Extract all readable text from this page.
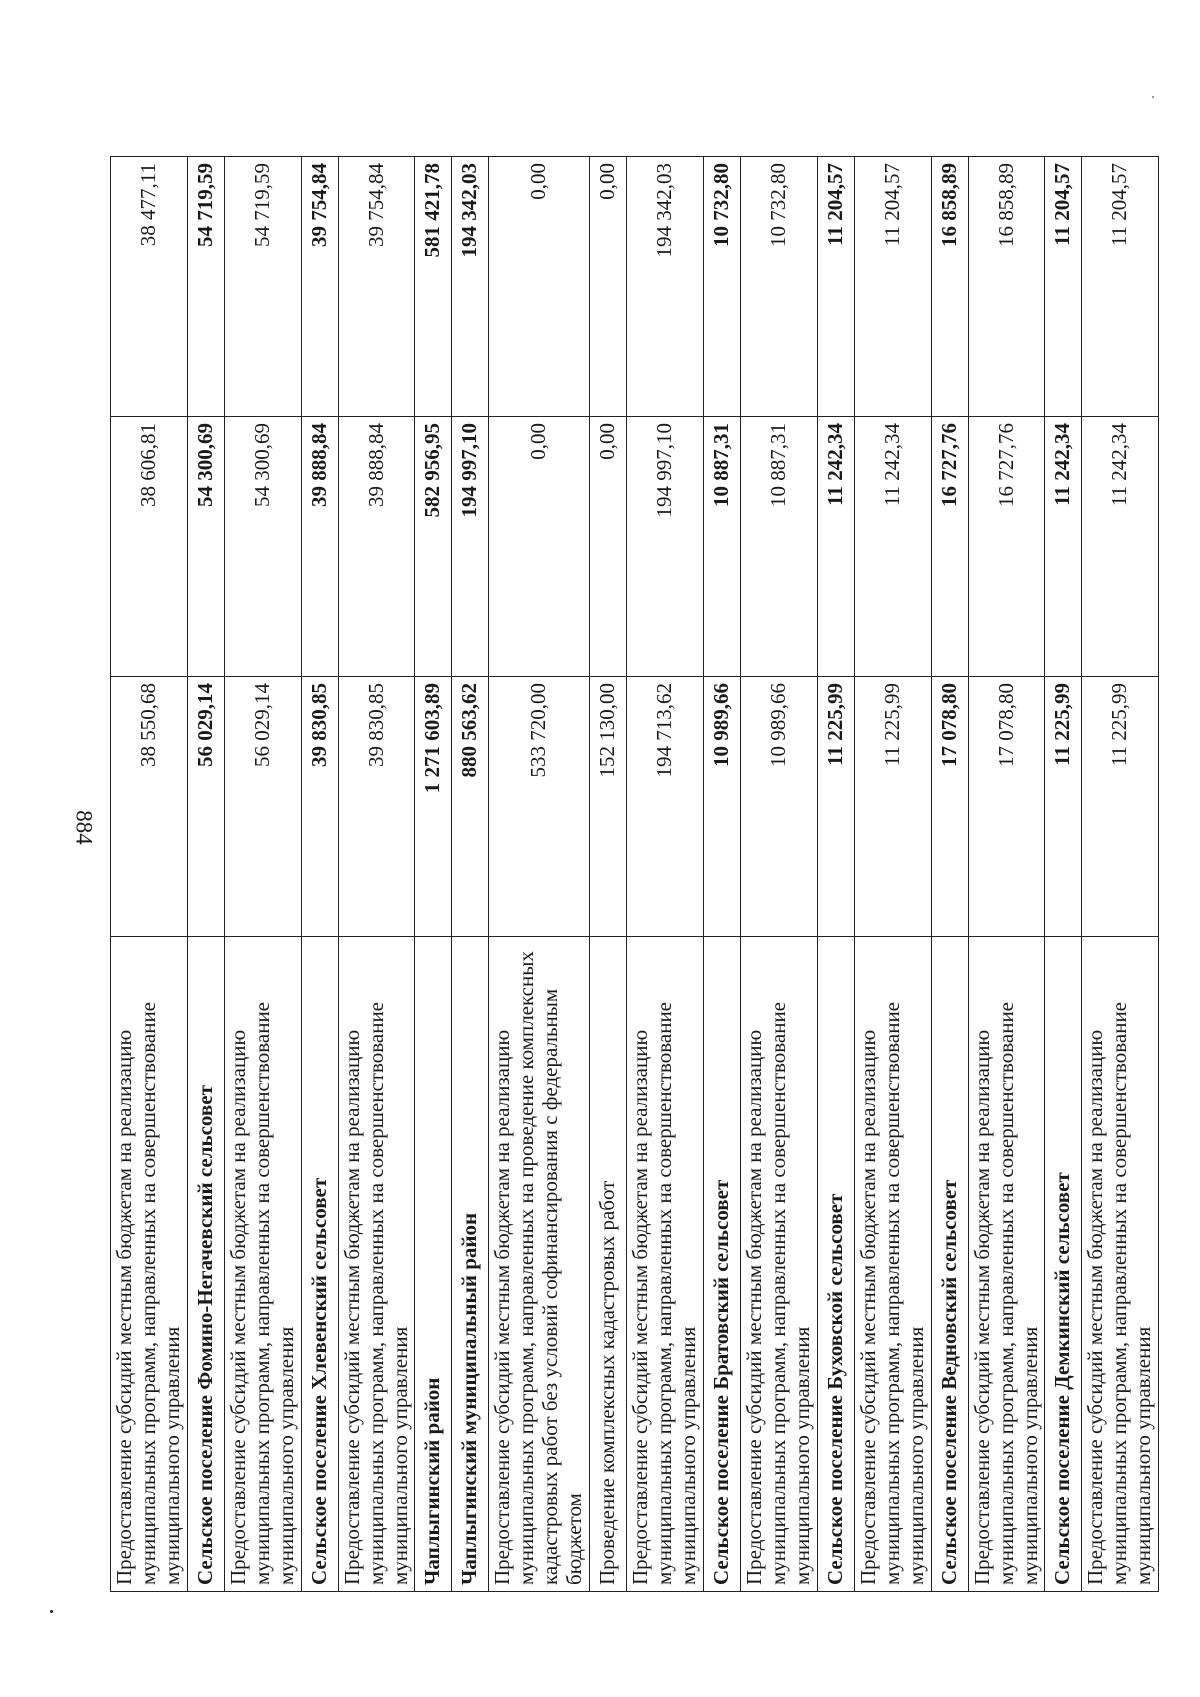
884
Предоставление субсидий местным бюджетам на реализацию муниципальных программ, направленных на совершенствование муниципального управления	38 550,68	38 606,81	38 477,11
Сельское поселение Фомино-Негачевский сельсовет	56 029,14	54 300,69	54 719,59
Предоставление субсидий местным бюджетам на реализацию муниципальных программ, направленных на совершенствование муниципального управления	56 029,14	54 300,69	54 719,59
Сельское поселение Хлевенский сельсовет	39 830,85	39 888,84	39 754,84
Предоставление субсидий местным бюджетам на реализацию муниципальных программ, направленных на совершенствование муниципального управления	39 830,85	39 888,84	39 754,84
Чаплыгинский район	1 271 603,89	582 956,95	581 421,78
Чаплыгинский муниципальный район	880 563,62	194 997,10	194 342,03
Предоставление субсидий местным бюджетам на реализацию муниципальных программ, направленных на проведение комплексных кадастровых работ без условий софинансирования с федеральным бюджетом	533 720,00	0,00	0,00
Проведение комплексных кадастровых работ	152 130,00	0,00	0,00
Предоставление субсидий местным бюджетам на реализацию муниципальных программ, направленных на совершенствование муниципального управления	194 713,62	194 997,10	194 342,03
Сельское поселение Братовский сельсовет	10 989,66	10 887,31	10 732,80
Предоставление субсидий местным бюджетам на реализацию муниципальных программ, направленных на совершенствование муниципального управления	10 989,66	10 887,31	10 732,80
Сельское поселение Буховской сельсовет	11 225,99	11 242,34	11 204,57
Предоставление субсидий местным бюджетам на реализацию муниципальных программ, направленных на совершенствование муниципального управления	11 225,99	11 242,34	11 204,57
Сельское поселение Ведновский сельсовет	17 078,80	16 727,76	16 858,89
Предоставление субсидий местным бюджетам на реализацию муниципальных программ, направленных на совершенствование муниципального управления	17 078,80	16 727,76	16 858,89
Сельское поселение Демкинский сельсовет	11 225,99	11 242,34	11 204,57
Предоставление субсидий местным бюджетам на реализацию муниципальных программ, направленных на совершенствование муниципального управления	11 225,99	11 242,34	11 204,57
